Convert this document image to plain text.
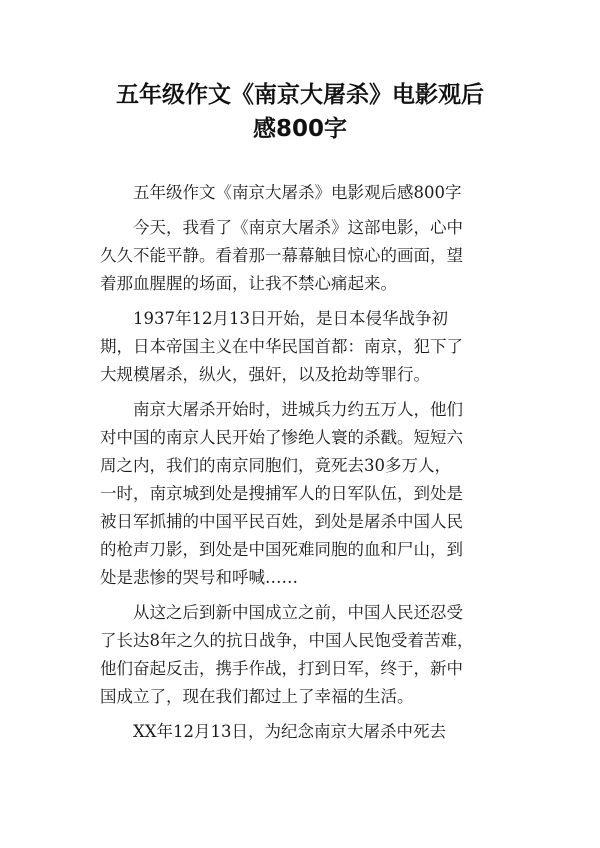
五年级作文《南京大屠杀》电影观后
感800字

五年级作文《南京大屠杀》电影观后感800字

今天，我看了《南京大屠杀》这部电影，心中
久久不能平静。看着那一幕幕触目惊心的画面，望
着那血腥腥的场面，让我不禁心痛起来。

1937年12月13日开始，是日本侵华战争初
期，日本帝国主义在中华民国首都：南京，犯下了
大规模屠杀，纵火，强奸，以及抢劫等罪行。

南京大屠杀开始时，进城兵力约五万人，他们
对中国的南京人民开始了惨绝人寰的杀戳。短短六
周之内，我们的南京同胞们，竟死去30多万人，
一时，南京城到处是搜捕军人的日军队伍，到处是
被日军抓捕的中国平民百姓，到处是屠杀中国人民
的枪声刀影，到处是中国死难同胞的血和尸山，到
处是悲惨的哭号和呼喊……

从这之后到新中国成立之前，中国人民还忍受
了长达8年之久的抗日战争，中国人民饱受着苦难，
他们奋起反击，携手作战，打到日军，终于，新中
国成立了，现在我们都过上了幸福的生活。

XX年12月13日，为纪念南京大屠杀中死去
